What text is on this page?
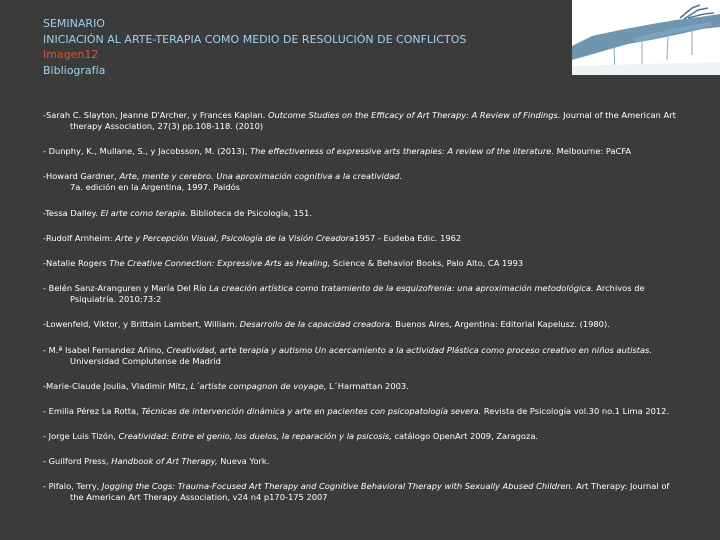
SEMINARIO
INICIACIÓN AL ARTE-TERAPIA COMO MEDIO DE RESOLUCIÓN DE CONFLICTOS
Imagen12
Bibliografía
-Sarah C. Slayton, Jeanne D'Archer, y Frances Kaplan. Outcome Studies on the Efficacy of Art Therapy: A Review of Findings. Journal of the American Art therapy Association, 27(3) pp.108-118. (2010)
- Dunphy, K., Mullane, S., y Jacobsson, M. (2013), The effectiveness of expressive arts therapies: A review of the literature. Melbourne: PaCFA
-Howard Gardner, Arte, mente y cerebro. Una aproximación cognitiva a la creatividad.
7a. edición en la Argentina, 1997. Paidós
-Tessa Dalley. El arte como terapia. Biblioteca de Psicología, 151.
-Rudolf Arnheim: Arte y Percepción Visual, Psicología de la Visión Creadora1957 - Eudeba Edic. 1962
-Natalie Rogers The Creative Connection: Expressive Arts as Healing, Science & Behavior Books, Palo Alto, CA 1993
- Belén Sanz-Aranguren y María Del Río La creación artística como tratamiento de la esquizofrenia: una aproximación metodológica. Archivos de Psiquiatría. 2010;73:2
-Lowenfeld, Viktor, y Brittain Lambert, William. Desarrollo de la capacidad creadora. Buenos Aires, Argentina: Editorial Kapelusz. (1980).
- M.ª Isabel Fernandez Añino, Creatividad, arte terapia y autismo Un acercamiento a la actividad Plástica como proceso creativo en niños autistas. Universidad Complutense de Madrid
-Marie-Claude Joulia, Vladimir Mitz, L´artiste compagnon de voyage, L´Harmattan 2003.
- Emilia Pérez La Rotta, Técnicas de intervención dinámica y arte en pacientes con psicopatología severa. Revista de Psicología vol.30 no.1 Lima 2012.
- Jorge Luis Tizón, Creatividad: Entre el genio, los duelos, la reparación y la psicosis, catálogo OpenArt 2009, Zaragoza.
- Guilford Press, Handbook of Art Therapy, Nueva York.
- Pifalo, Terry, Jogging the Cogs: Trauma-Focused Art Therapy and Cognitive Behavioral Therapy with Sexually Abused Children. Art Therapy: Journal of the American Art Therapy Association, v24 n4 p170-175 2007
